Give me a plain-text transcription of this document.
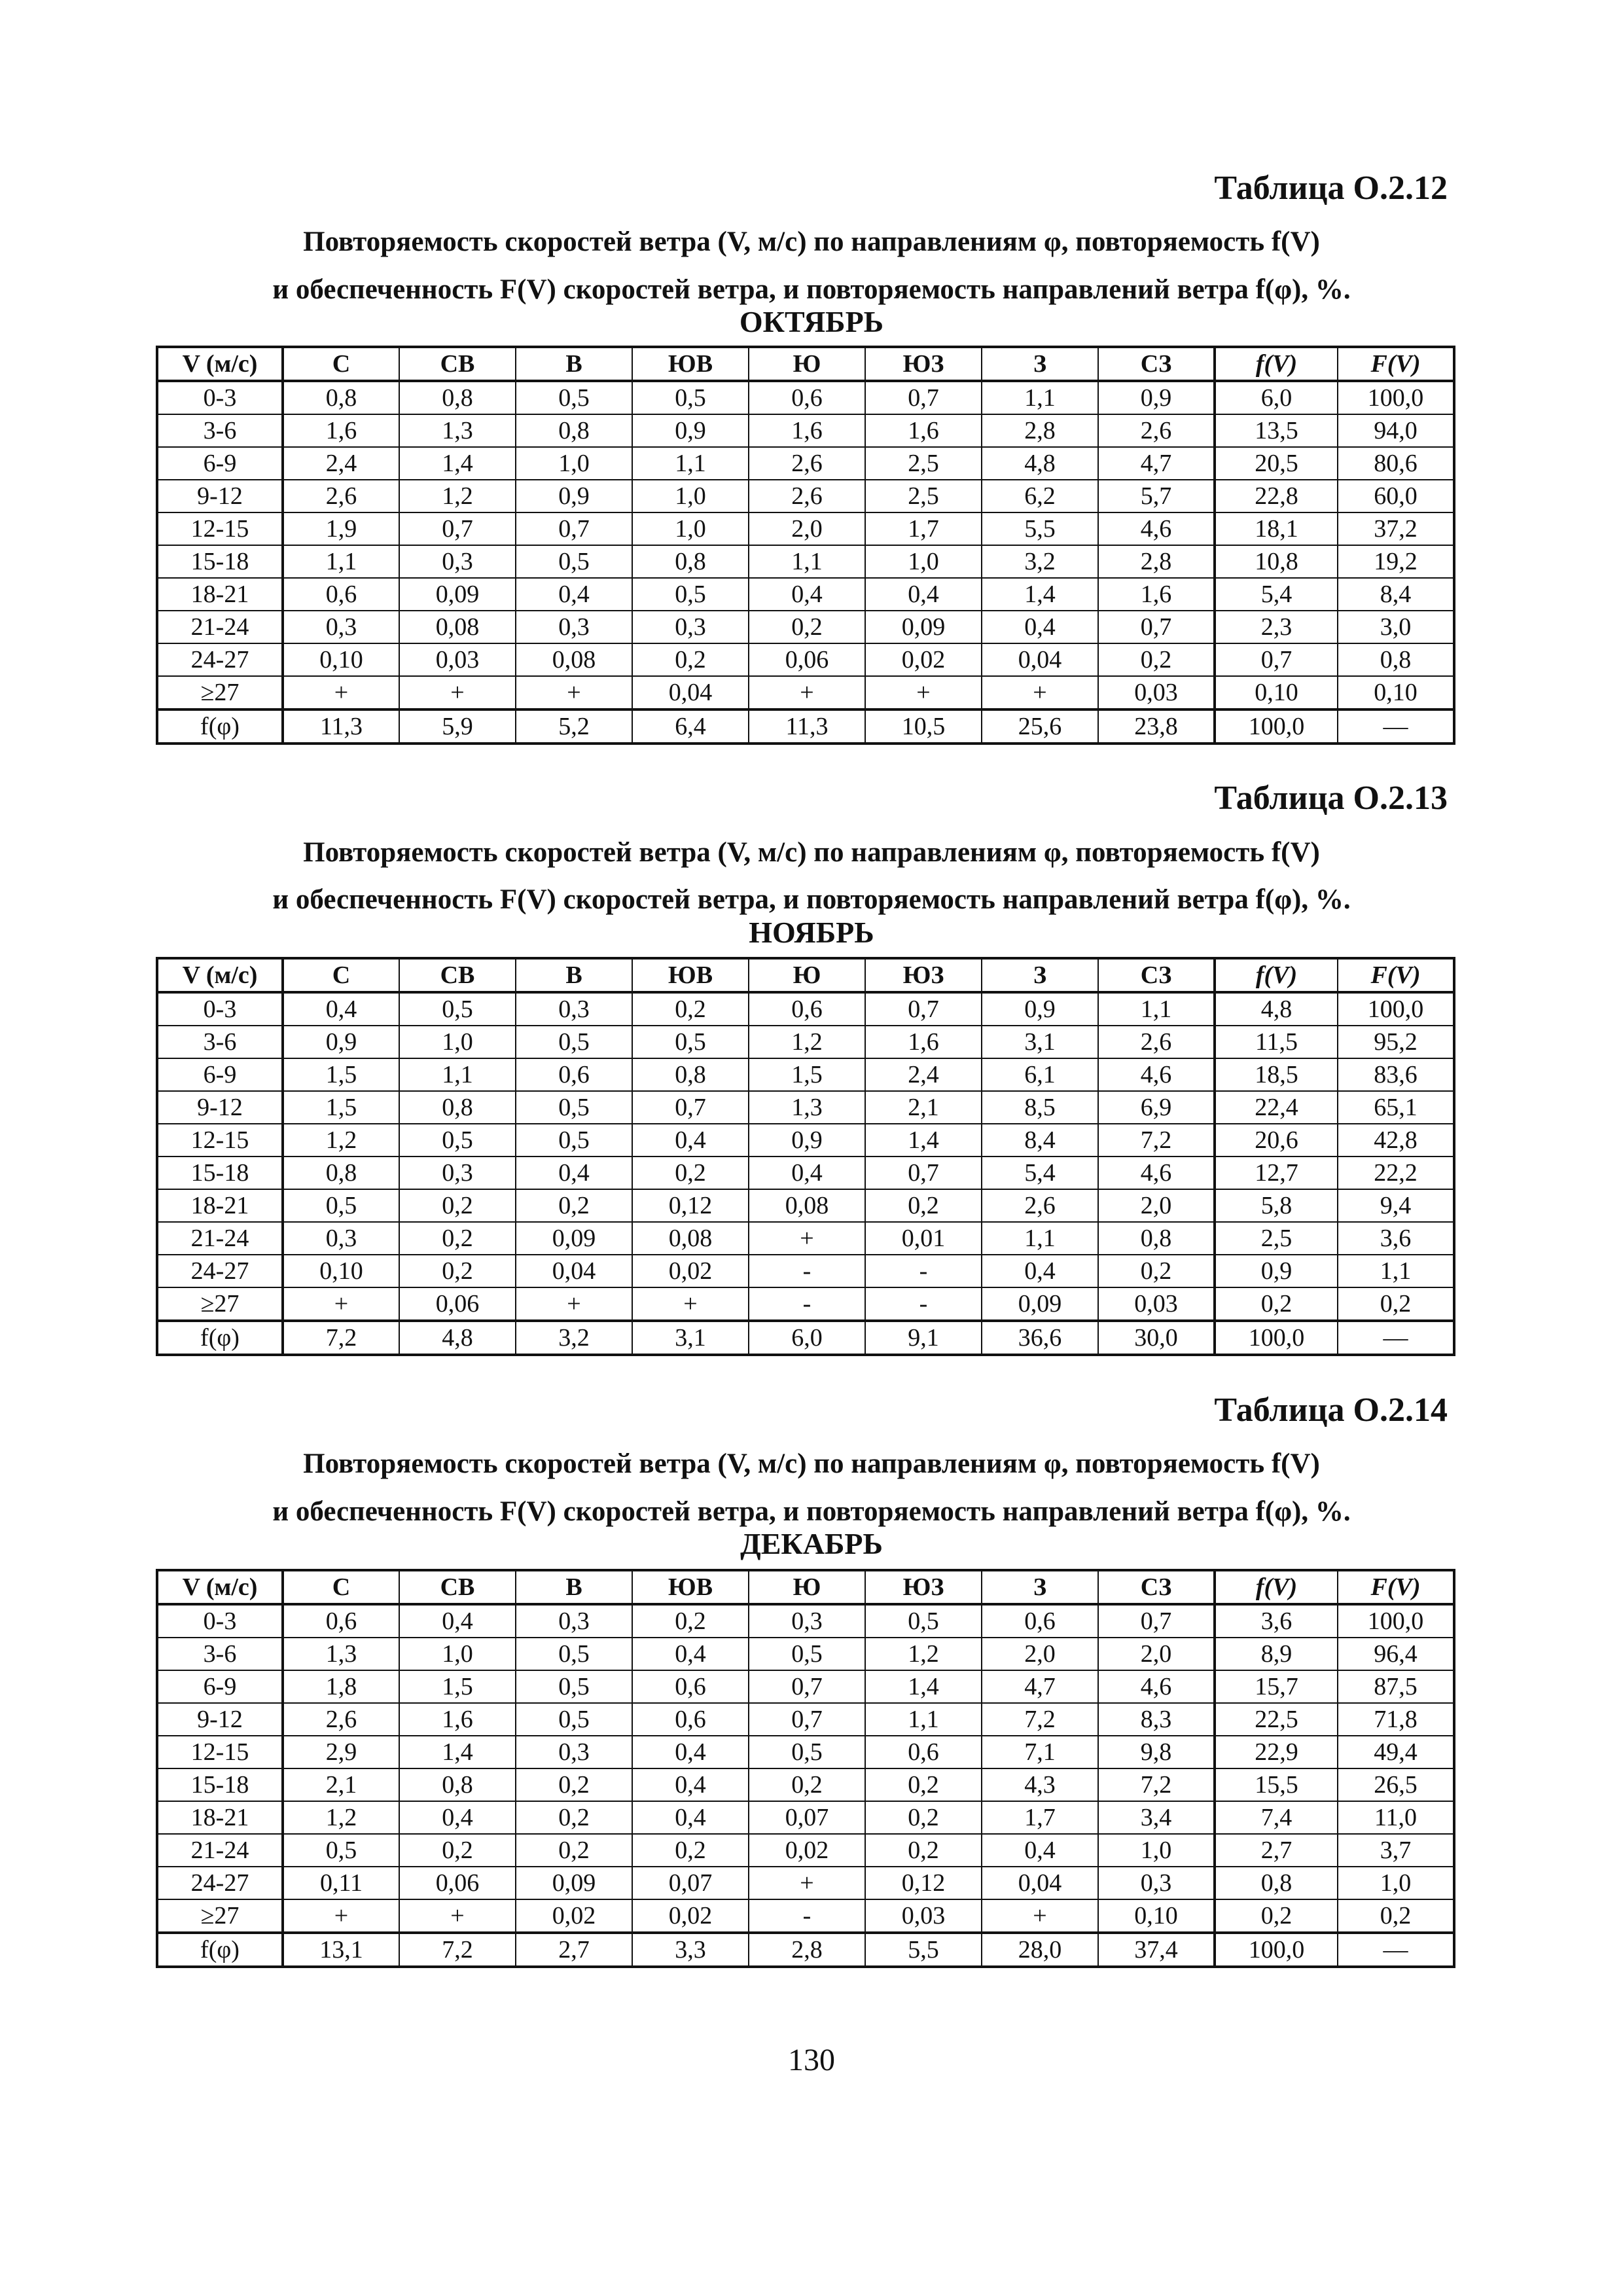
Таблица О.2.12

Повторяемость скоростей ветра (V, м/с) по направлениям φ, повторяемость f(V)

и обеспеченность F(V) скоростей ветра, и повторяемость направлений ветра f(φ), %.

ОКТЯБРЬ

V (м/с)	С	СВ	В	ЮВ	Ю	ЮЗ	З	СЗ	f(V)	F(V)
0-3	0,8	0,8	0,5	0,5	0,6	0,7	1,1	0,9	6,0	100,0
3-6	1,6	1,3	0,8	0,9	1,6	1,6	2,8	2,6	13,5	94,0
6-9	2,4	1,4	1,0	1,1	2,6	2,5	4,8	4,7	20,5	80,6
9-12	2,6	1,2	0,9	1,0	2,6	2,5	6,2	5,7	22,8	60,0
12-15	1,9	0,7	0,7	1,0	2,0	1,7	5,5	4,6	18,1	37,2
15-18	1,1	0,3	0,5	0,8	1,1	1,0	3,2	2,8	10,8	19,2
18-21	0,6	0,09	0,4	0,5	0,4	0,4	1,4	1,6	5,4	8,4
21-24	0,3	0,08	0,3	0,3	0,2	0,09	0,4	0,7	2,3	3,0
24-27	0,10	0,03	0,08	0,2	0,06	0,02	0,04	0,2	0,7	0,8
≥27	+	+	+	0,04	+	+	+	0,03	0,10	0,10
f(φ)	11,3	5,9	5,2	6,4	11,3	10,5	25,6	23,8	100,0	—

Таблица О.2.13

Повторяемость скоростей ветра (V, м/с) по направлениям φ, повторяемость f(V)

и обеспеченность F(V) скоростей ветра, и повторяемость направлений ветра f(φ), %.

НОЯБРЬ

V (м/с)	С	СВ	В	ЮВ	Ю	ЮЗ	З	СЗ	f(V)	F(V)
0-3	0,4	0,5	0,3	0,2	0,6	0,7	0,9	1,1	4,8	100,0
3-6	0,9	1,0	0,5	0,5	1,2	1,6	3,1	2,6	11,5	95,2
6-9	1,5	1,1	0,6	0,8	1,5	2,4	6,1	4,6	18,5	83,6
9-12	1,5	0,8	0,5	0,7	1,3	2,1	8,5	6,9	22,4	65,1
12-15	1,2	0,5	0,5	0,4	0,9	1,4	8,4	7,2	20,6	42,8
15-18	0,8	0,3	0,4	0,2	0,4	0,7	5,4	4,6	12,7	22,2
18-21	0,5	0,2	0,2	0,12	0,08	0,2	2,6	2,0	5,8	9,4
21-24	0,3	0,2	0,09	0,08	+	0,01	1,1	0,8	2,5	3,6
24-27	0,10	0,2	0,04	0,02	-	-	0,4	0,2	0,9	1,1
≥27	+	0,06	+	+	-	-	0,09	0,03	0,2	0,2
f(φ)	7,2	4,8	3,2	3,1	6,0	9,1	36,6	30,0	100,0	—

Таблица О.2.14

Повторяемость скоростей ветра (V, м/с) по направлениям φ, повторяемость f(V)

и обеспеченность F(V) скоростей ветра, и повторяемость направлений ветра f(φ), %.

ДЕКАБРЬ

V (м/с)	С	СВ	В	ЮВ	Ю	ЮЗ	З	СЗ	f(V)	F(V)
0-3	0,6	0,4	0,3	0,2	0,3	0,5	0,6	0,7	3,6	100,0
3-6	1,3	1,0	0,5	0,4	0,5	1,2	2,0	2,0	8,9	96,4
6-9	1,8	1,5	0,5	0,6	0,7	1,4	4,7	4,6	15,7	87,5
9-12	2,6	1,6	0,5	0,6	0,7	1,1	7,2	8,3	22,5	71,8
12-15	2,9	1,4	0,3	0,4	0,5	0,6	7,1	9,8	22,9	49,4
15-18	2,1	0,8	0,2	0,4	0,2	0,2	4,3	7,2	15,5	26,5
18-21	1,2	0,4	0,2	0,4	0,07	0,2	1,7	3,4	7,4	11,0
21-24	0,5	0,2	0,2	0,2	0,02	0,2	0,4	1,0	2,7	3,7
24-27	0,11	0,06	0,09	0,07	+	0,12	0,04	0,3	0,8	1,0
≥27	+	+	0,02	0,02	-	0,03	+	0,10	0,2	0,2
f(φ)	13,1	7,2	2,7	3,3	2,8	5,5	28,0	37,4	100,0	—

130
